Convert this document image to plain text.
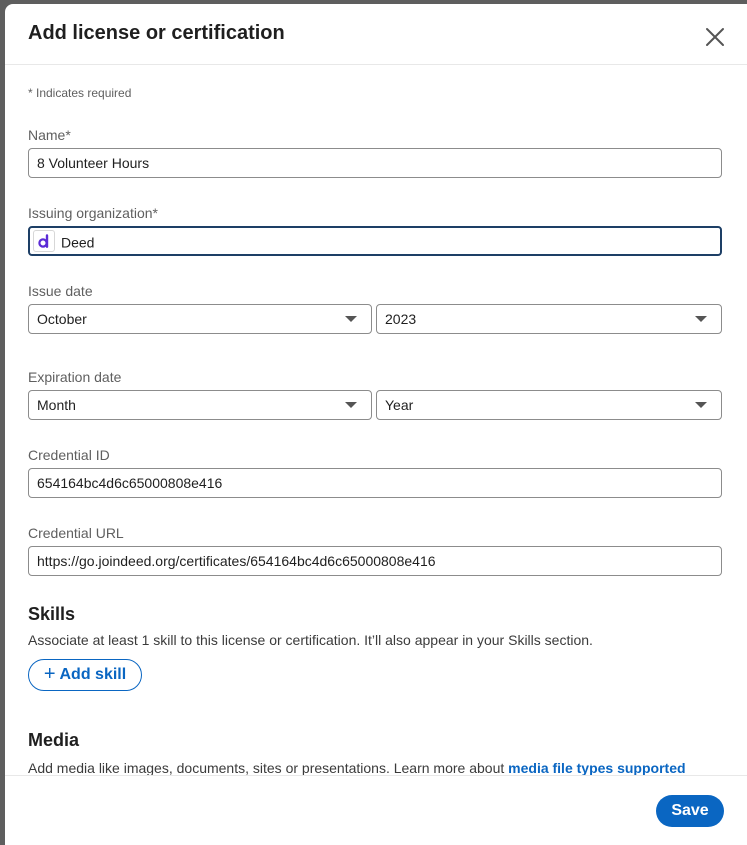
Add license or certification
* Indicates required
Name*
8 Volunteer Hours
Issuing organization*
Deed
Issue date
October	2023
Expiration date
Month	Year
Credential ID
654164bc4d6c65000808e416
Credential URL
https://go.joindeed.org/certificates/654164bc4d6c65000808e416
Skills
Associate at least 1 skill to this license or certification. It’ll also appear in your Skills section.
+ Add skill
Media
Add media like images, documents, sites or presentations. Learn more about media file types supported
Save
